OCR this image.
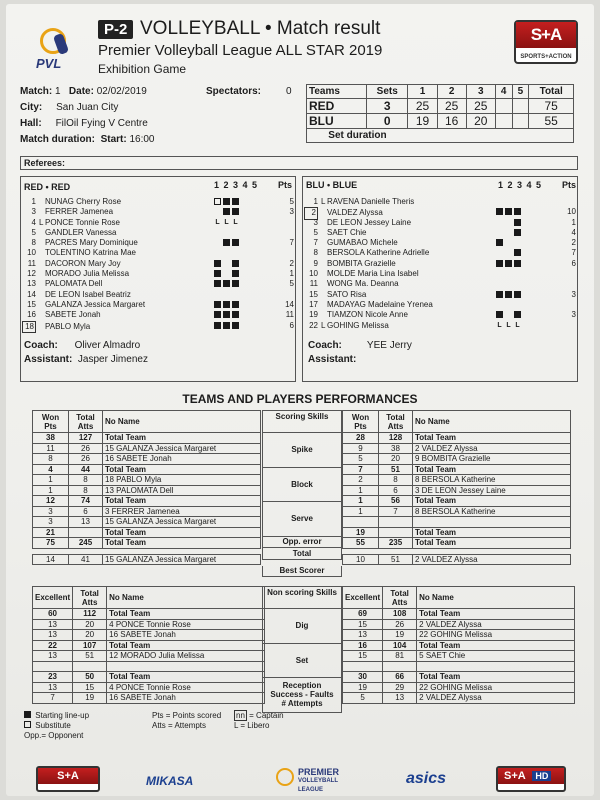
PVL
P-2 VOLLEYBALL • Match result
Premier Volleyball League ALL STAR 2019
Exhibition Game
S+A
SPORTS+ACTION
Match: 1 Date: 02/02/2019	Spectators: 0
City: San Juan City
Hall: FilOil Fying V Centre
Match duration: Start: 16:00
Teams	Sets	1	2	3	4	5	Total
RED	3	25	25	25			75
BLU	0	19	16	20			55
Set duration							
Referees:
RED • RED	1 2 3 4 5 Pts BLU • BLUE	1 2 3 4 5 Pts
1 NUNAG Cherry Rose	5
3 FERRER Jamenea	3
4 L PONCE Tonnie Rose	L L L
5 GANDLER Vanessa
8 PACRES Mary Dominique	7
10 TOLENTINO Katrina Mae
11 DACORON Mary Joy	2
12 MORADO Julia Melissa	1
13 PALOMATA Dell	5
14 DE LEON Isabel Beatriz
15 GALANZA Jessica Margaret	14
16 SABETE Jonah	11
18 PABLO Myla	6
1 L RAVENA Danielle Theris
2 VALDEZ Alyssa	10
3 DE LEON Jessey Laine	1
5 SAET Chie	4
7 GUMABAO Michele	2
8 BERSOLA Katherine Adrielle	7
9 BOMBITA Grazielle	6
10 MOLDE Maria Lina Isabel
11 WONG Ma. Deanna
15 SATO Risa	3
17 MADAYAG Madelaine Yrenea
19 TIAMZON Nicole Anne	3
22 L GOHING Melissa	L L L
Coach: Oliver Almadro
Assistant: Jasper Jimenez
Coach:	YEE Jerry
Assistant:
TEAMS AND PLAYERS PERFORMANCES
Starting line-up
Substitute
Opp.= Opponent
Pts = Points scored
Atts = Attempts
nn = Captain
L = Libero
S+A	MIKASA
PREMIER
VOLLEYBALL
LEAGUE
asics	S+A HD
Won Pts	Total Atts	No Name
38	127	Total Team
11	26	15 GALANZA Jessica Margaret
8	26	16 SABETE Jonah
4	44	Total Team
1	8	18 PABLO Myla
1	8	13 PALOMATA Dell
12	74	Total Team
3	6	3 FERRER Jamenea
3	13	15 GALANZA Jessica Margaret
21		Total Team
75	245	Total Team

14	41	15 GALANZA Jessica Margaret
Won Pts	Total Atts	No Name
28	128	Total Team
9	38	2 VALDEZ Alyssa
5	20	9 BOMBITA Grazielle
7	51	Total Team
2	8	8 BERSOLA Katherine
1	6	3 DE LEON Jessey Laine
1	56	Total Team
1	7	8 BERSOLA Katherine

19		Total Team
55	235	Total Team

10	51	2 VALDEZ Alyssa
Scoring Skills
Spike
Block
Serve
Opp. error
Total
Best Scorer
Excellent	Total Atts	No Name
60	112	Total Team
13	20	4 PONCE Tonnie Rose
13	20	16 SABETE Jonah
22	107	Total Team
13	51	12 MORADO Julia Melissa

23	50	Total Team
13	15	4 PONCE Tonnie Rose
7	19	16 SABETE Jonah
Excellent	Total Atts	No Name
69	108	Total Team
15	26	2 VALDEZ Alyssa
13	19	22 GOHING Melissa
16	104	Total Team
15	81	5 SAET Chie

30	66	Total Team
19	29	22 GOHING Melissa
5	13	2 VALDEZ Alyssa
Non scoring Skills
Dig
Set
Reception
Success - Faults
# Attempts
